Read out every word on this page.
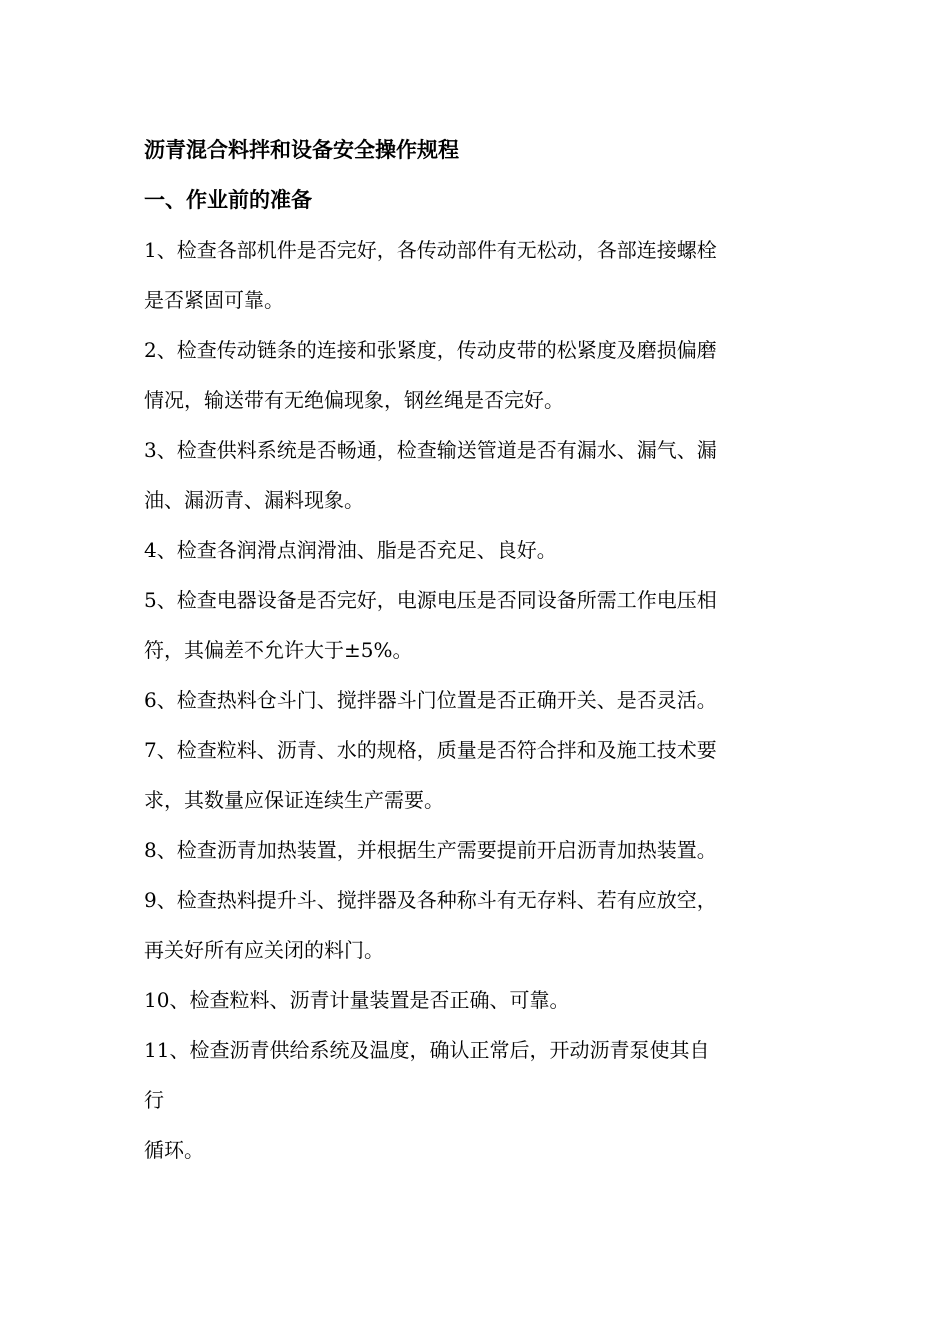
沥青混合料拌和设备安全操作规程
一、作业前的准备

1、检查各部机件是否完好，各传动部件有无松动，各部连接螺栓
是否紧固可靠。

2、检查传动链条的连接和张紧度，传动皮带的松紧度及磨损偏磨
情况，输送带有无绝偏现象，钢丝绳是否完好。

3、检查供料系统是否畅通，检查输送管道是否有漏水、漏气、漏
油、漏沥青、漏料现象。

4、检查各润滑点润滑油、脂是否充足、良好。

5、检查电器设备是否完好，电源电压是否同设备所需工作电压相
符，其偏差不允许大于±5%。

6、检查热料仓斗门、搅拌器斗门位置是否正确开关、是否灵活。

7、检查粒料、沥青、水的规格，质量是否符合拌和及施工技术要
求，其数量应保证连续生产需要。

8、检查沥青加热装置，并根据生产需要提前开启沥青加热装置。

9、检查热料提升斗、搅拌器及各种称斗有无存料、若有应放空，
再关好所有应关闭的料门。

10、检查粒料、沥青计量装置是否正确、可靠。

11、检查沥青供给系统及温度，确认正常后，开动沥青泵使其自
行
循环。
